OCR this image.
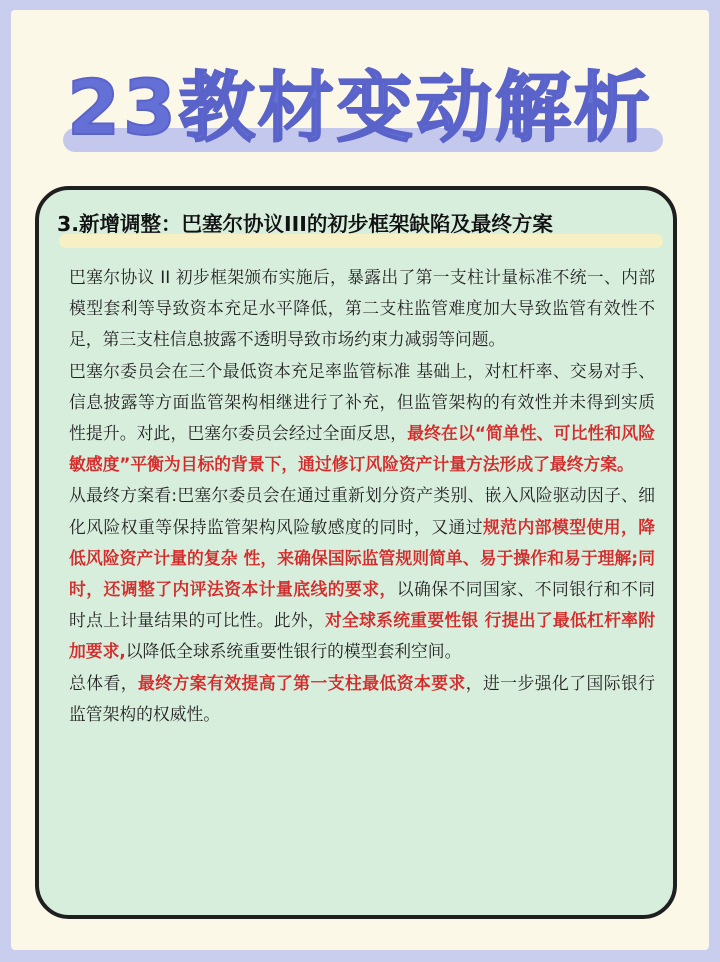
23教材变动解析
3.新增调整：巴塞尔协议III的初步框架缺陷及最终方案

巴塞尔协议 II 初步框架颁布实施后，暴露出了第一支柱计量标准不统一、内部模型套利等导致资本充足水平降低，第二支柱监管难度加大导致监管有效性不足，第三支柱信息披露不透明导致市场约束力减弱等问题。

巴塞尔委员会在三个最低资本充足率监管标准 基础上，对杠杆率、交易对手、信息披露等方面监管架构相继进行了补充，但监管架构的有效性并未得到实质性提升。对此，巴塞尔委员会经过全面反思，最终在以“简单性、可比性和风险 敏感度”平衡为目标的背景下，通过修订风险资产计量方法形成了最终方案。

从最终方案看:巴塞尔委员会在通过重新划分资产类别、嵌入风险驱动因子、细化风险权重等保持监管架构风险敏感度的同时，又通过规范内部模型使用，降低风险资产计量的复杂 性，来确保国际监管规则简单、易于操作和易于理解;同时，还调整了内评法资本计量底线的要求，以确保不同国家、不同银行和不同时点上计量结果的可比性。此外，对全球系统重要性银 行提出了最低杠杆率附加要求,以降低全球系统重要性银行的模型套利空间。

总体看，最终方案有效提高了第一支柱最低资本要求，进一步强化了国际银行监管架构的权威性。
